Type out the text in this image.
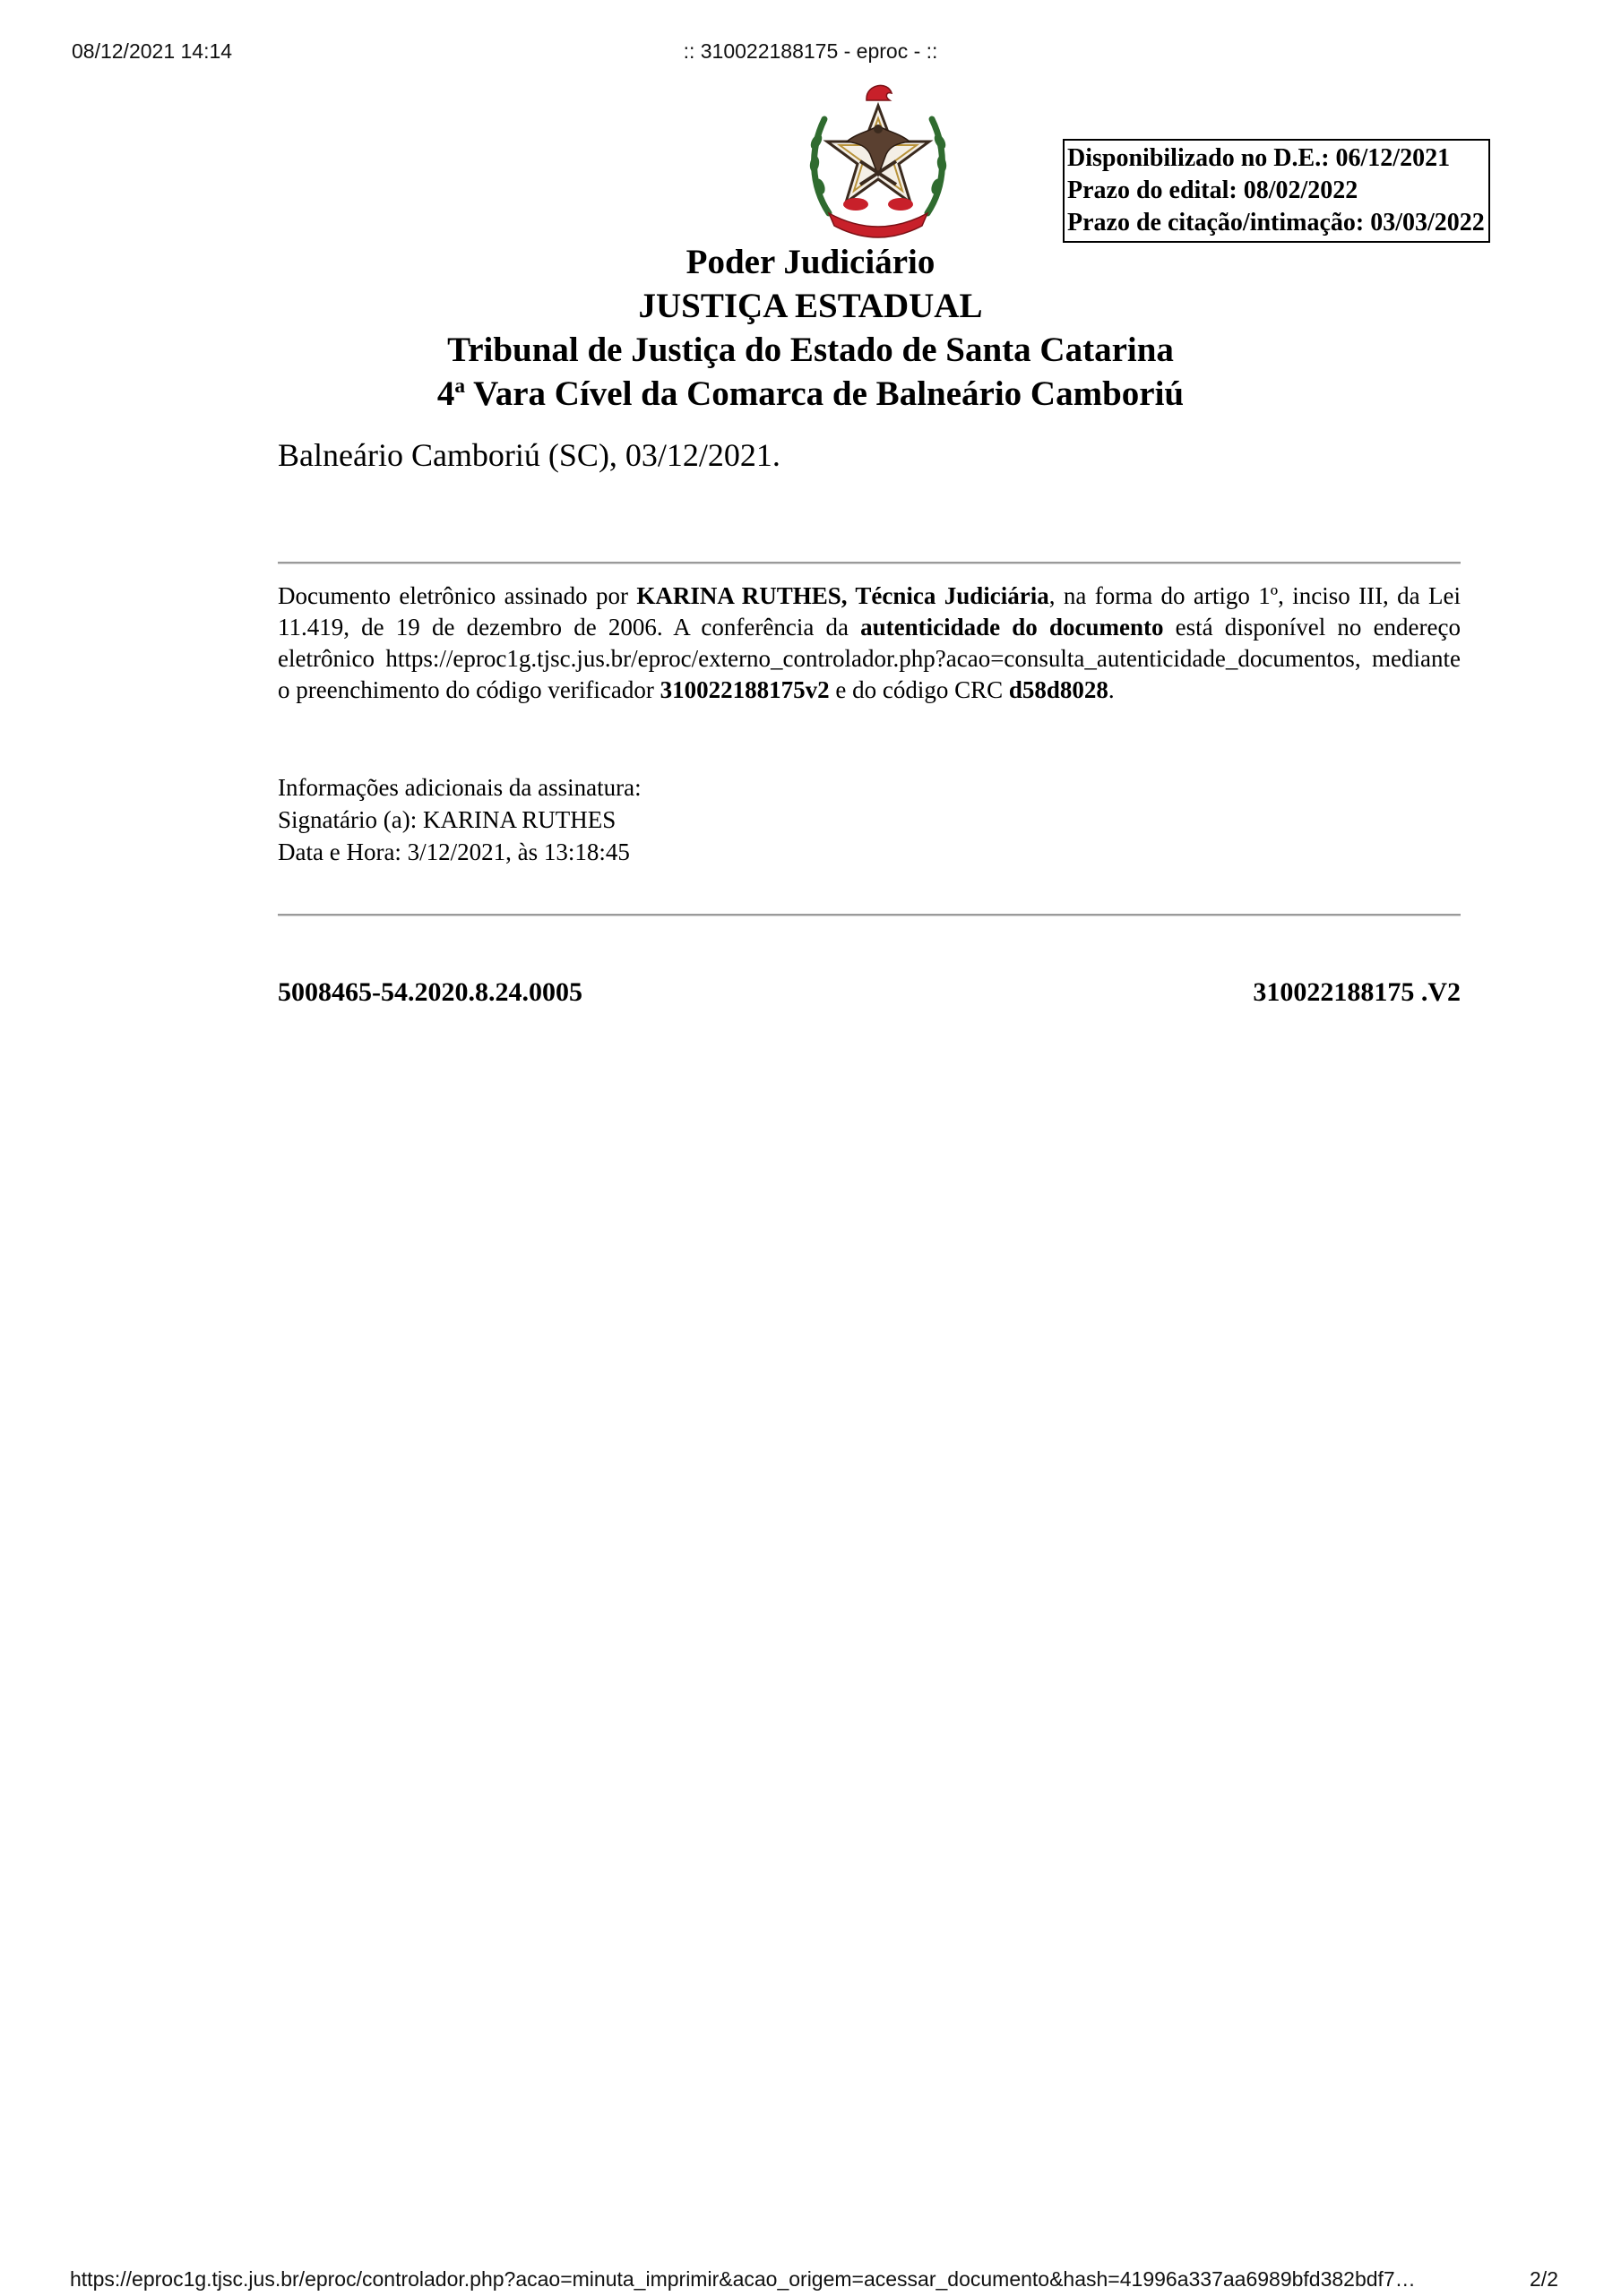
08/12/2021 14:14	:: 310022188175 - eproc - ::
Disponibilizado no D.E.: 06/12/2021
Prazo do edital: 08/02/2022
Prazo de citação/intimação: 03/03/2022
Poder Judiciário
JUSTIÇA ESTADUAL
Tribunal de Justiça do Estado de Santa Catarina
4$^a$ Vara Cível da Comarca de Balneário Camboriú
Balneário Camboriú (SC), 03/12/2021.
Documento eletrônico assinado por KARINA RUTHES, Técnica Judiciária, na forma do artigo 1º, inciso III, da Lei 11.419, de 19 de dezembro de 2006. A conferência da autenticidade do documento está disponível no endereço eletrônico https://eproc1g.tjsc.jus.br/eproc/externo_controlador.php?acao=consulta_autenticidade_documentos, mediante o preenchimento do código verificador 310022188175v2 e do código CRC d58d8028.
Informações adicionais da assinatura:
Signatário (a): KARINA RUTHES
Data e Hora: 3/12/2021, às 13:18:45
5008465-54.2020.8.24.0005	310022188175 .V2
https://eproc1g.tjsc.jus.br/eproc/controlador.php?acao=minuta_imprimir&acao_origem=acessar_documento&hash=41996a337aa6989bfd382bdf7…	2/2
